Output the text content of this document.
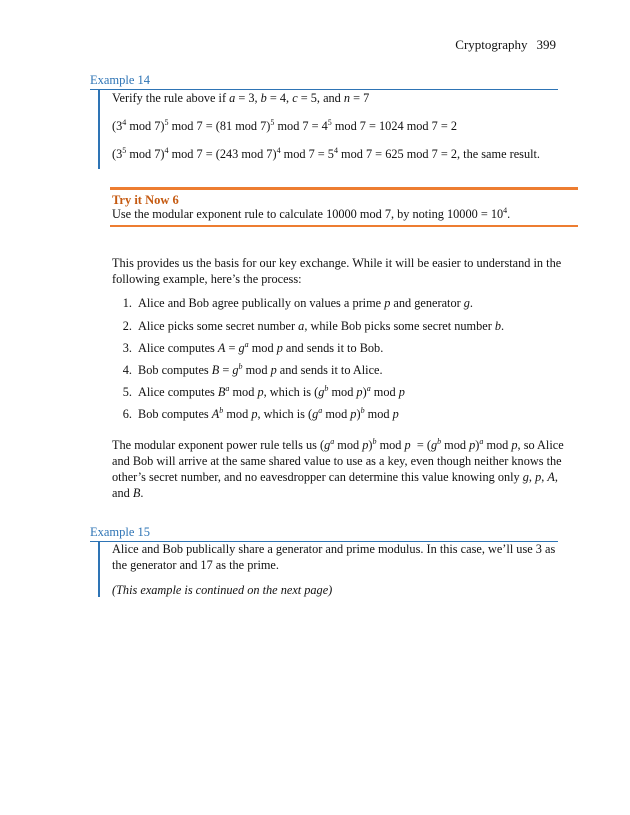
Cryptography 399
Example 14
Verify the rule above if a = 3, b = 4, c = 5, and n = 7
($3^4$ mod 7)$^5$ mod 7 = (81 mod 7)$^5$ mod $7 = 4^5$ mod 7 = 1024 mod 7 = 2
($3^5$ mod 7)$^4$ mod 7 = (243 mod 7)$^4$ mod $7 = 5^4$ mod 7 = 625 mod 7 = 2, the same result.
Try it Now 6
Use the modular exponent rule to calculate 10000 mod 7, by noting $10000 = 10^4$.
This provides us the basis for our key exchange. While it will be easier to understand in the following example, here’s the process:
1. Alice and Bob agree publically on values a prime p and generator g.
2. Alice picks some secret number a, while Bob picks some secret number b.
3. Alice computes $A = g^a$ mod p and sends it to Bob.
4. Bob computes $B = g^b$ mod p and sends it to Alice.
5. Alice computes $B^a$ mod p, which is ($g^b$ mod p)$^a$ mod p
6. Bob computes $A^b$ mod p, which is ($g^a$ mod p)$^b$ mod p
The modular exponent power rule tells us ($g^a$ mod p)$^b$ mod $p = (g^b$ mod p)$^a$ mod p, so Alice and Bob will arrive at the same shared value to use as a key, even though neither knows the other’s secret number, and no eavesdropper can determine this value knowing only g, p, A, and B.
Example 15
Alice and Bob publically share a generator and prime modulus. In this case, we’ll use 3 as the generator and 17 as the prime.
(This example is continued on the next page)
